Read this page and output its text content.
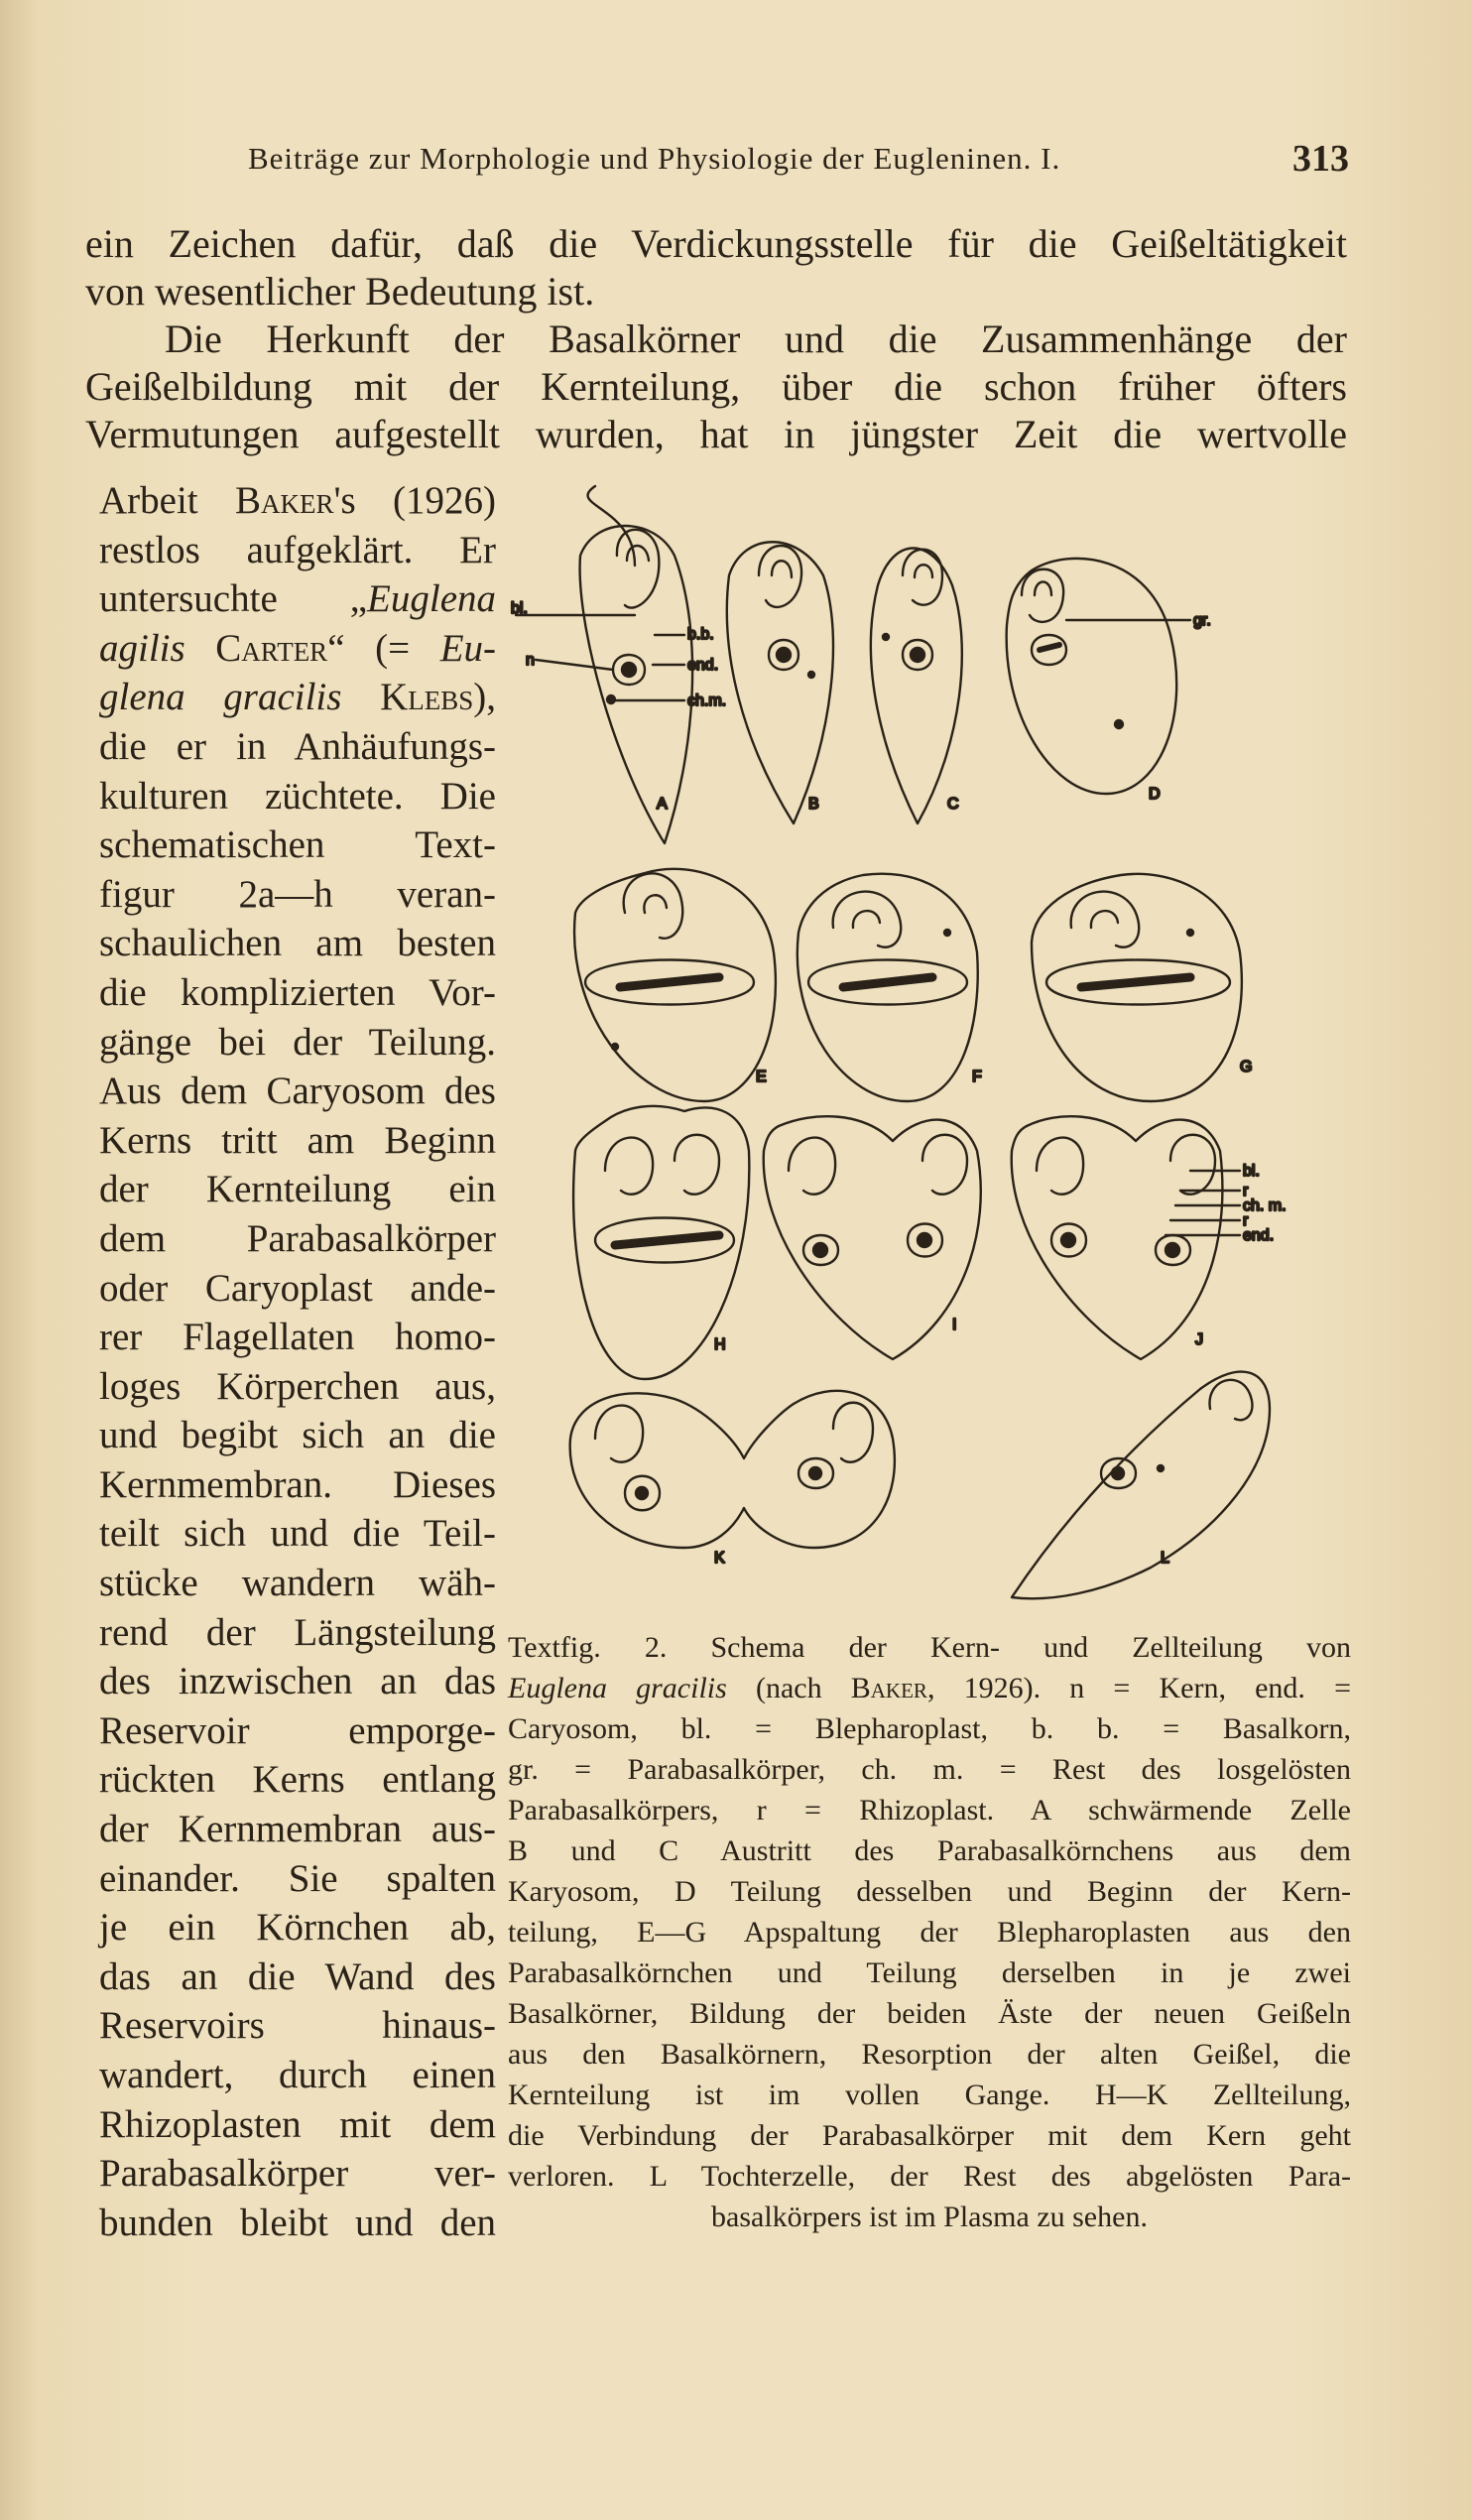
Beiträge zur Morphologie und Physiologie der Eugleninen. I.	313
ein Zeichen dafür, daß die Verdickungsstelle für die Geißeltätigkeit
von wesentlicher Bedeutung ist.
Die Herkunft der Basalkörner und die Zusammenhänge der
Geißelbildung mit der Kernteilung, über die schon früher öfters
Vermutungen aufgestellt wurden, hat in jüngster Zeit die wertvolle
Arbeit Baker's (1926)
restlos aufgeklärt. Er
untersuchte „Euglena
agilis Carter“ (= Eu-
glena gracilis Klebs),
die er in Anhäufungs-
kulturen züchtete. Die
schematischen Text-
figur 2a—h veran-
schaulichen am besten
die komplizierten Vor-
gänge bei der Teilung.
Aus dem Caryosom des
Kerns tritt am Beginn
der Kernteilung ein
dem Parabasalkörper
oder Caryoplast ande-
rer Flagellaten homo-
loges Körperchen aus,
und begibt sich an die
Kernmembran. Dieses
teilt sich und die Teil-
stücke wandern wäh-
rend der Längsteilung
des inzwischen an das
Reservoir emporge-
rückten Kerns entlang
der Kernmembran aus-
einander. Sie spalten
je ein Körnchen ab,
das an die Wand des
Reservoirs hinaus-
wandert, durch einen
Rhizoplasten mit dem
Parabasalkörper ver-
bunden bleibt und den
bl.
n
b.b.
end.
ch.m.
A	B	C
gr.
D
E	F
G
H
I
bl.
r
ch. m.
r
end.
J
K	L
Textfig. 2. Schema der Kern- und Zellteilung von
Euglena gracilis (nach Baker, 1926). n = Kern, end. =
Caryosom, bl. = Blepharoplast, b. b. = Basalkorn,
gr. = Parabasalkörper, ch. m. = Rest des losgelösten
Parabasalkörpers, r = Rhizoplast. A schwärmende Zelle
B und C Austritt des Parabasalkörnchens aus dem
Karyosom, D Teilung desselben und Beginn der Kern-
teilung, E—G Apspaltung der Blepharoplasten aus den
Parabasalkörnchen und Teilung derselben in je zwei
Basalkörner, Bildung der beiden Äste der neuen Geißeln
aus den Basalkörnern, Resorption der alten Geißel, die
Kernteilung ist im vollen Gange. H—K Zellteilung,
die Verbindung der Parabasalkörper mit dem Kern geht
verloren. L Tochterzelle, der Rest des abgelösten Para-
basalkörpers ist im Plasma zu sehen.
